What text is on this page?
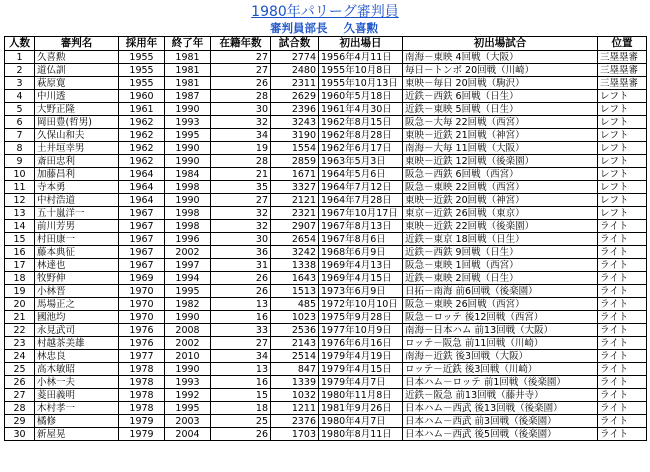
1980年パリーグ審判員
審判員部長 久喜勲
人数	審判名	採用年	終了年	在籍年数	試合数	初出場日	初出場試合	位置
1	久喜勲	1955	1981	27	2774	1956年4月11日	南海－東映 4回戦（大阪）	三塁塁審
2	道仏訓	1955	1981	27	2480	1955年10月8日	毎日－トンボ 20回戦（川崎）	三塁塁審
3	萩原寛	1955	1981	26	2311	1955年10月13日	東映－毎日 20回戦（駒沢）	三塁塁審
4	中川透	1960	1987	28	2629	1960年5月18日	近鉄－西鉄 6回戦（日生）	レフト
5	大野正隆	1961	1990	30	2396	1961年4月30日	近鉄－東映 5回戦（日生）	レフト
6	岡田豊(哲男)	1962	1993	32	3243	1962年8月15日	阪急－大毎 22回戦（西宮）	レフト
7	久保山和夫	1962	1995	34	3190	1962年8月28日	東映－近鉄 21回戦（神宮）	レフト
8	土井垣幸男	1962	1990	19	1554	1962年6月17日	南海－大毎 11回戦（大阪）	レフト
9	斎田忠利	1962	1990	28	2859	1963年5月3日	東映－近鉄 12回戦（後楽園）	レフト
10	加藤昌利	1964	1984	21	1671	1964年5月6日	阪急－西鉄 6回戦（西宮）	レフト
11	寺本勇	1964	1998	35	3327	1964年7月12日	阪急－東映 22回戦（西宮）	レフト
12	中村浩道	1964	1990	27	2121	1964年7月28日	東映－近鉄 20回戦（神宮）	レフト
13	五十嵐洋一	1967	1998	32	2321	1967年10月17日	東京－近鉄 26回戦（東京）	レフト
14	前川芳男	1967	1998	32	2907	1967年8月13日	東映－近鉄 22回戦（後楽園）	ライト
15	村田康一	1967	1996	30	2654	1967年8月6日	近鉄－東京 18回戦（日生）	ライト
16	藤本典征	1967	2002	36	3242	1968年6月9日	近鉄－西鉄 9回戦（日生）	ライト
17	林達也	1967	1997	31	1338	1969年4月13日	阪急－東映 1回戦（西宮）	ライト
18	牧野伸	1969	1994	26	1643	1969年4月15日	近鉄－東映 2回戦（日生）	ライト
19	小林晋	1970	1995	26	1513	1973年6月9日	日拓－南海 前6回戦（後楽園）	ライト
20	馬場正之	1970	1982	13	485	1972年10月10日	阪急－東映 26回戦（西宮）	ライト
21	國池均	1970	1990	16	1023	1975年9月28日	阪急－ロッテ 後12回戦（西宮）	ライト
22	永見武司	1976	2008	33	2536	1977年10月9日	南海－日本ハム 前13回戦（大阪）	ライト
23	村越茶美雄	1976	2002	27	2143	1976年6月16日	ロッテ－阪急 前11回戦（川崎）	ライト
24	林忠良	1977	2010	34	2514	1979年4月19日	南海－近鉄 後3回戦（大阪）	ライト
25	高木敏昭	1978	1990	13	847	1979年4月15日	ロッテ－近鉄 後3回戦（川崎）	ライト
26	小林一夫	1978	1993	16	1339	1979年4月7日	日本ハム－ロッテ 前1回戦（後楽園）	ライト
27	菱田義明	1978	1992	15	1032	1980年11月8日	近鉄－阪急 前13回戦（藤井寺）	ライト
28	木村孝一	1978	1995	18	1211	1981年9月26日	日本ハム－西武 後13回戦（後楽園）	ライト
29	橘修	1979	2003	25	2376	1980年4月7日	日本ハム－西武 前3回戦（後楽園）	ライト
30	新屋晃	1979	2004	26	1703	1980年8月11日	日本ハム－西武 後5回戦（後楽園）	ライト
